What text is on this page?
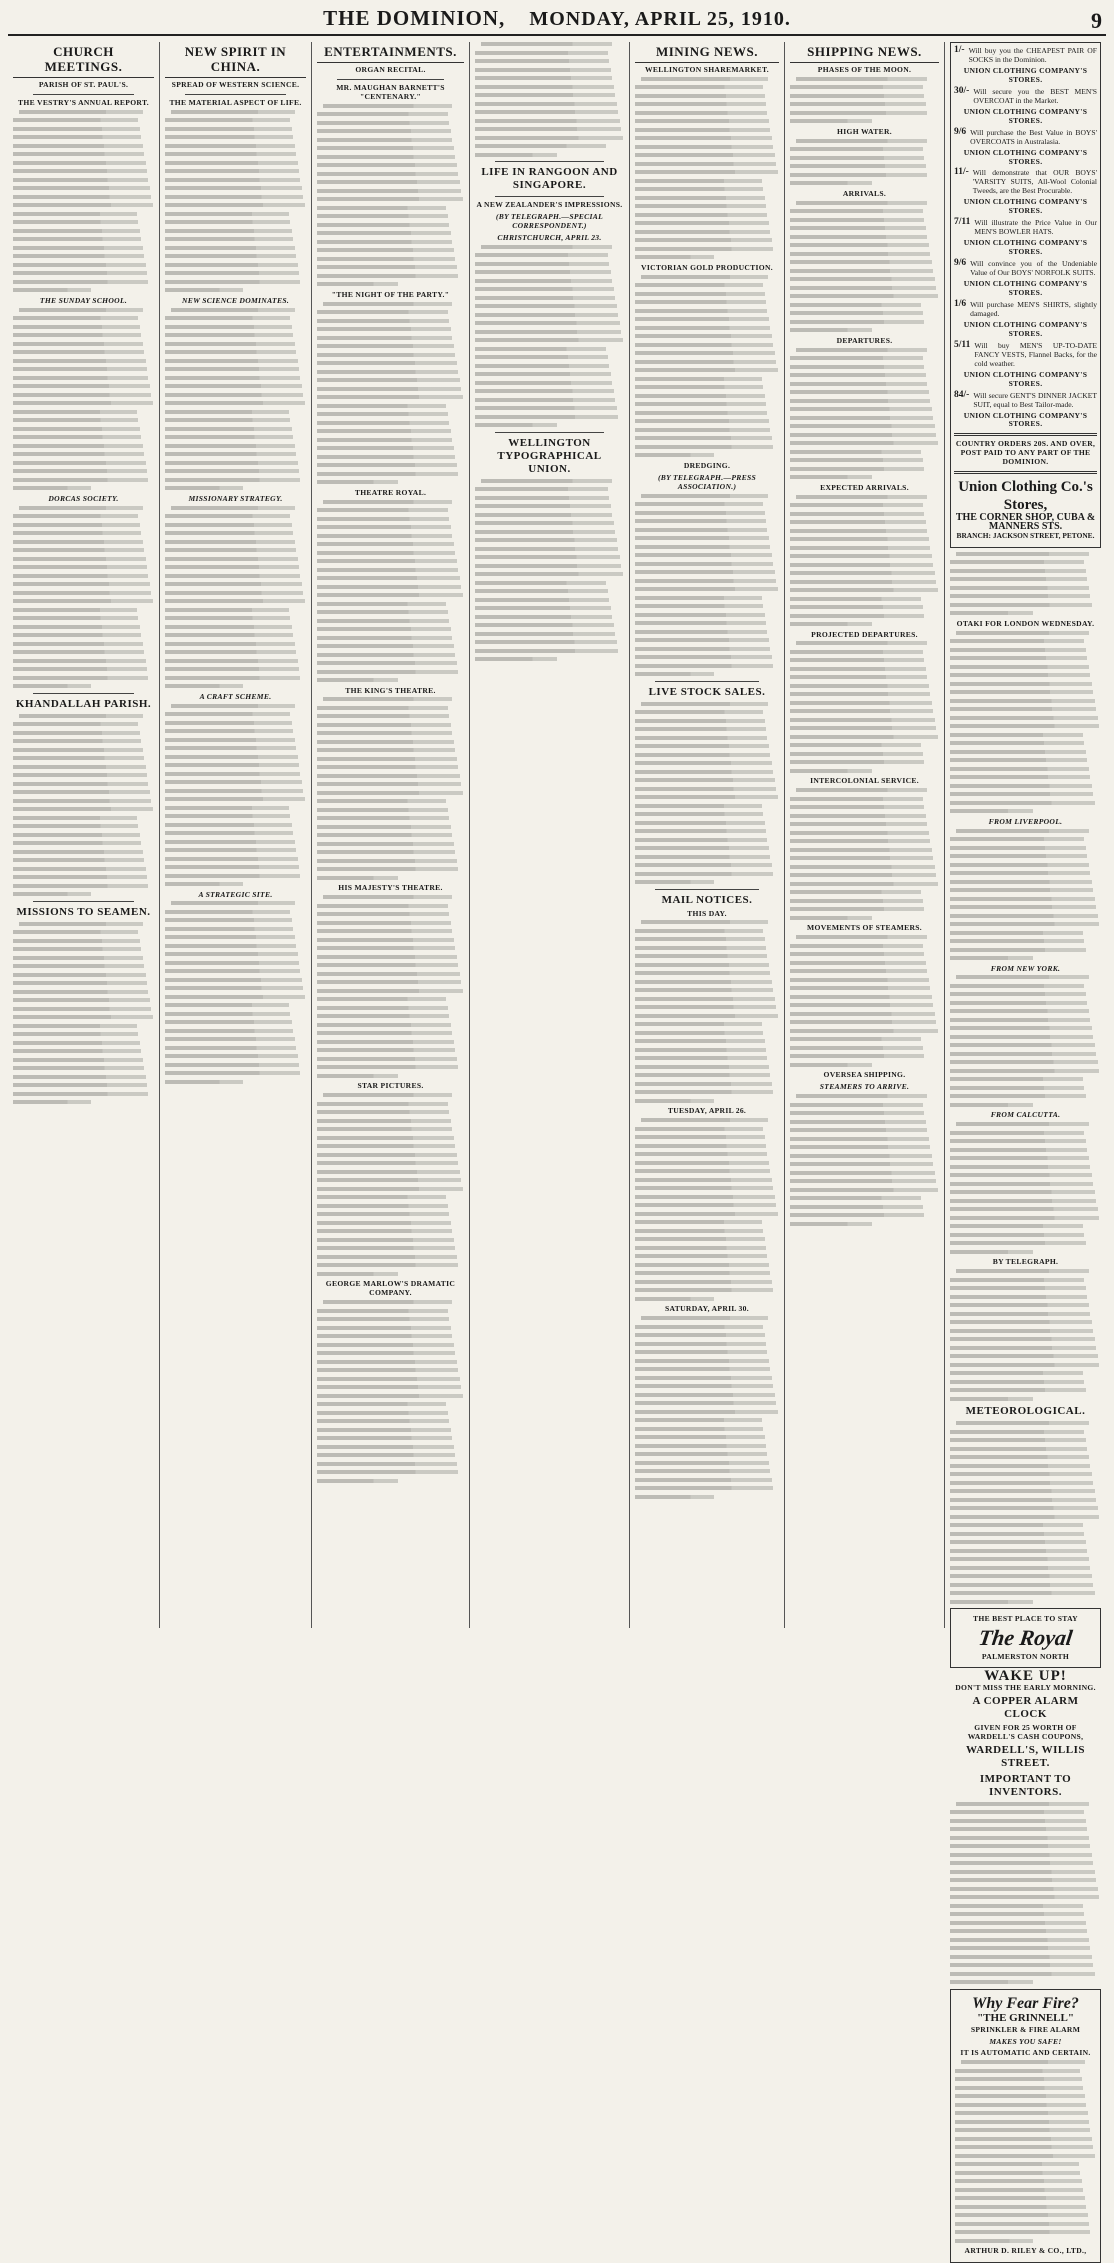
THE DOMINION, MONDAY, APRIL 25, 1910.	9
CHURCH MEETINGS.
PARISH OF ST. PAUL'S.
THE VESTRY'S ANNUAL REPORT.
THE SUNDAY SCHOOL.
DORCAS SOCIETY.
KHANDALLAH PARISH.
MISSIONS TO SEAMEN.
NEW SPIRIT IN CHINA.
SPREAD OF WESTERN SCIENCE.
THE MATERIAL ASPECT OF LIFE.
NEW SCIENCE DOMINATES.
MISSIONARY STRATEGY.
A CRAFT SCHEME.
A STRATEGIC SITE.
ENTERTAINMENTS.
ORGAN RECITAL.
MR. MAUGHAN BARNETT'S "CENTENARY."
"THE NIGHT OF THE PARTY."
THEATRE ROYAL.
THE KING'S THEATRE.
HIS MAJESTY'S THEATRE.
STAR PICTURES.
GEORGE MARLOW'S DRAMATIC COMPANY.
LIFE IN RANGOON AND SINGAPORE.
A NEW ZEALANDER'S IMPRESSIONS.
(BY TELEGRAPH.—SPECIAL CORRESPONDENT.)
CHRISTCHURCH, APRIL 23.
WELLINGTON TYPOGRAPHICAL UNION.
MINING NEWS.
WELLINGTON SHAREMARKET.
VICTORIAN GOLD PRODUCTION.
DREDGING.
(BY TELEGRAPH.—PRESS ASSOCIATION.)
LIVE STOCK SALES.
MAIL NOTICES.
THIS DAY.
TUESDAY, APRIL 26.
SATURDAY, APRIL 30.
SHIPPING NEWS.
PHASES OF THE MOON.
HIGH WATER.
ARRIVALS.
DEPARTURES.
EXPECTED ARRIVALS.
PROJECTED DEPARTURES.
INTERCOLONIAL SERVICE.
MOVEMENTS OF STEAMERS.
OVERSEA SHIPPING.
STEAMERS TO ARRIVE.
1/- Will buy you the CHEAPEST PAIR OF SOCKS in the Dominion.
UNION CLOTHING COMPANY'S STORES.
30/- Will secure you the BEST MEN'S OVERCOAT in the Market.
UNION CLOTHING COMPANY'S STORES.
9/6 Will purchase the Best Value in BOYS' OVERCOATS in Australasia.
UNION CLOTHING COMPANY'S STORES.
11/- Will demonstrate that OUR BOYS' 'VARSITY SUITS, All-Wool Colonial Tweeds, are the Best Procurable.
UNION CLOTHING COMPANY'S STORES.
7/11 Will illustrate the Price Value in Our MEN'S BOWLER HATS.
UNION CLOTHING COMPANY'S STORES.
9/6 Will convince you of the Undeniable Value of Our BOYS' NORFOLK SUITS.
UNION CLOTHING COMPANY'S STORES.
1/6 Will purchase MEN'S SHIRTS, slightly damaged.
UNION CLOTHING COMPANY'S STORES.
5/11 Will buy MEN'S UP-TO-DATE FANCY VESTS, Flannel Backs, for the cold weather.
UNION CLOTHING COMPANY'S STORES.
84/- Will secure GENT'S DINNER JACKET SUIT, equal to Best Tailor-made.
UNION CLOTHING COMPANY'S STORES.
COUNTRY ORDERS 20S. AND OVER, POST PAID TO ANY PART OF THE DOMINION.
Union Clothing Co.'s Stores,
THE CORNER SHOP, CUBA & MANNERS STS.
BRANCH: JACKSON STREET, PETONE.
OTAKI FOR LONDON WEDNESDAY.
FROM LIVERPOOL.
FROM NEW YORK.
FROM CALCUTTA.
BY TELEGRAPH.
METEOROLOGICAL.
THE BEST PLACE TO STAY
The Royal
PALMERSTON NORTH
WAKE UP!
DON'T MISS THE EARLY MORNING.
A COPPER ALARM CLOCK
GIVEN FOR 25 WORTH OF WARDELL'S CASH COUPONS,
WARDELL'S, WILLIS STREET.
IMPORTANT TO INVENTORS.
Why Fear Fire?
"THE GRINNELL"
SPRINKLER & FIRE ALARM
MAKES YOU SAFE!
IT IS AUTOMATIC AND CERTAIN.
ARTHUR D. RILEY & CO., LTD.,
